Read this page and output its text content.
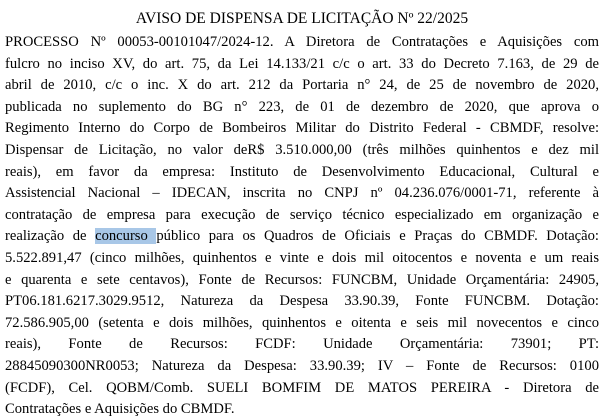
AVISO DE DISPENSA DE LICITAÇÃO Nº 22/2025
PROCESSO Nº 00053-00101047/2024-12. A Diretora de Contratações e Aquisições com
fulcro no inciso XV, do art. 75, da Lei 14.133/21 c/c o art. 33 do Decreto 7.163, de 29 de
abril de 2010, c/c o inc. X do art. 212 da Portaria n° 24, de 25 de novembro de 2020,
publicada no suplemento do BG n° 223, de 01 de dezembro de 2020, que aprova o
Regimento Interno do Corpo de Bombeiros Militar do Distrito Federal - CBMDF, resolve:
Dispensar de Licitação, no valor deR$ 3.510.000,00 (três milhões quinhentos e dez mil
reais), em favor da empresa: Instituto de Desenvolvimento Educacional, Cultural e
Assistencial Nacional – IDECAN, inscrita no CNPJ nº 04.236.076/0001-71, referente à
contratação de empresa para execução de serviço técnico especializado em organização e
realização de concurso público para os Quadros de Oficiais e Praças do CBMDF. Dotação:
5.522.891,47 (cinco milhões, quinhentos e vinte e dois mil oitocentos e noventa e um reais
e quarenta e sete centavos), Fonte de Recursos: FUNCBM, Unidade Orçamentária: 24905,
PT06.181.6217.3029.9512, Natureza da Despesa 33.90.39, Fonte FUNCBM. Dotação:
72.586.905,00 (setenta e dois milhões, quinhentos e oitenta e seis mil novecentos e cinco
reais), Fonte de Recursos: FCDF: Unidade Orçamentária: 73901; PT:
28845090300NR0053; Natureza da Despesa: 33.90.39; IV – Fonte de Recursos: 0100
(FCDF), Cel. QOBM/Comb. SUELI BOMFIM DE MATOS PEREIRA - Diretora de
Contratações e Aquisições do CBMDF.
